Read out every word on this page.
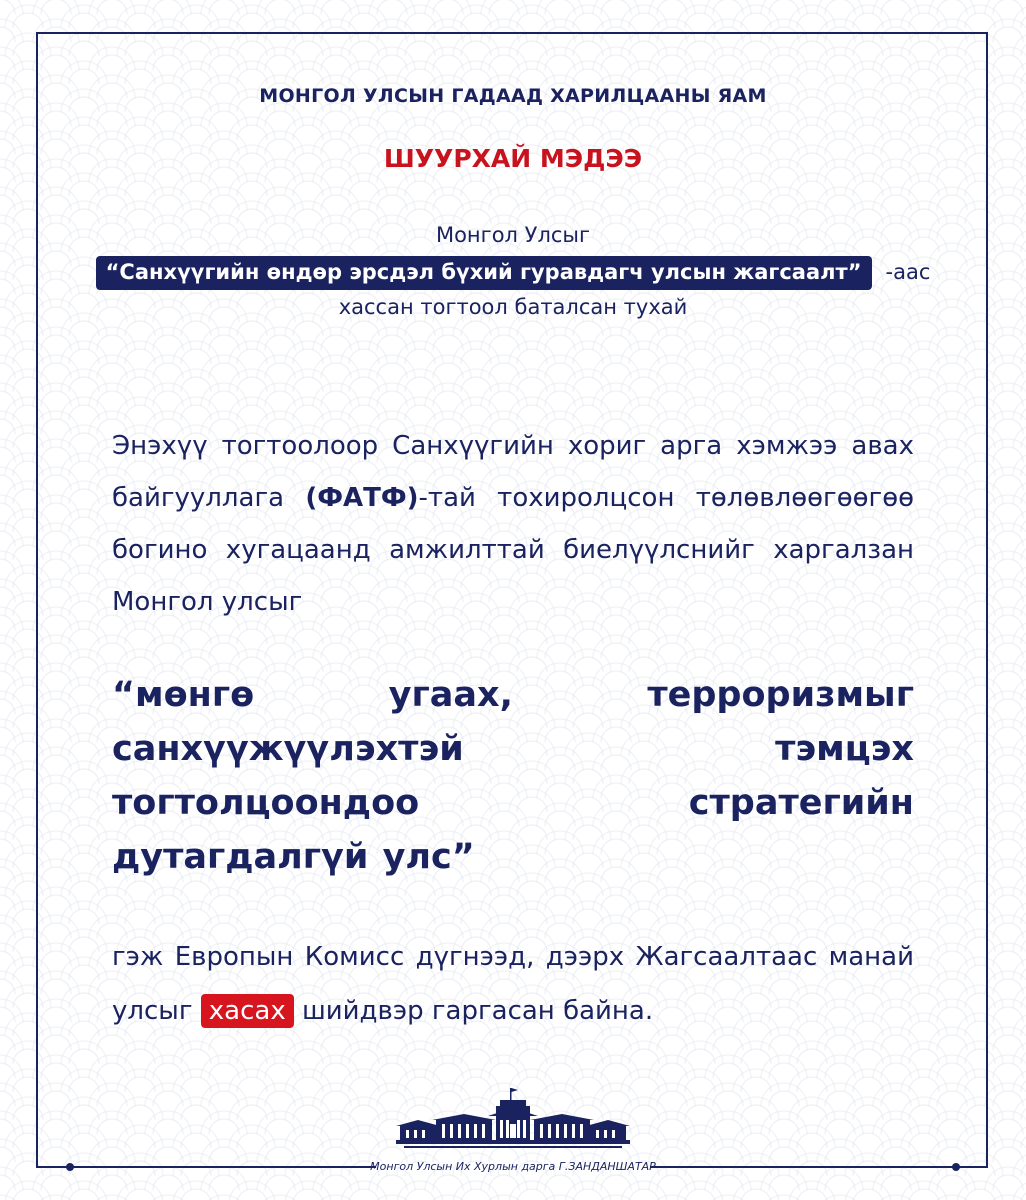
МОНГОЛ УЛСЫН ГАДААД ХАРИЛЦААНЫ ЯАМ
ШУУРХАЙ МЭДЭЭ
Монгол Улсыг
“Санхүүгийн өндөр эрсдэл бүхий гуравдагч улсын жагсаалт” -аас
хассан тогтоол баталсан тухай
Энэхүү тогтоолоор Санхүүгийн хориг арга хэмжээ авах байгууллага (ФАТФ)-тай тохиролцсон төлөвлөөгөөгөө богино хугацаанд амжилттай биелүүлснийг харгалзан Монгол улсыг
“мөнгө угаах, терроризмыг санхүүжүүлэхтэй тэмцэх тогтолцоондоо стратегийн дутагдалгүй улс”
гэж Европын Комисс дүгнээд, дээрх Жагсаалтаас манай улсыг хасах шийдвэр гаргасан байна.
Монгол Улсын Их Хурлын дарга Г.ЗАНДАНШАТАР
